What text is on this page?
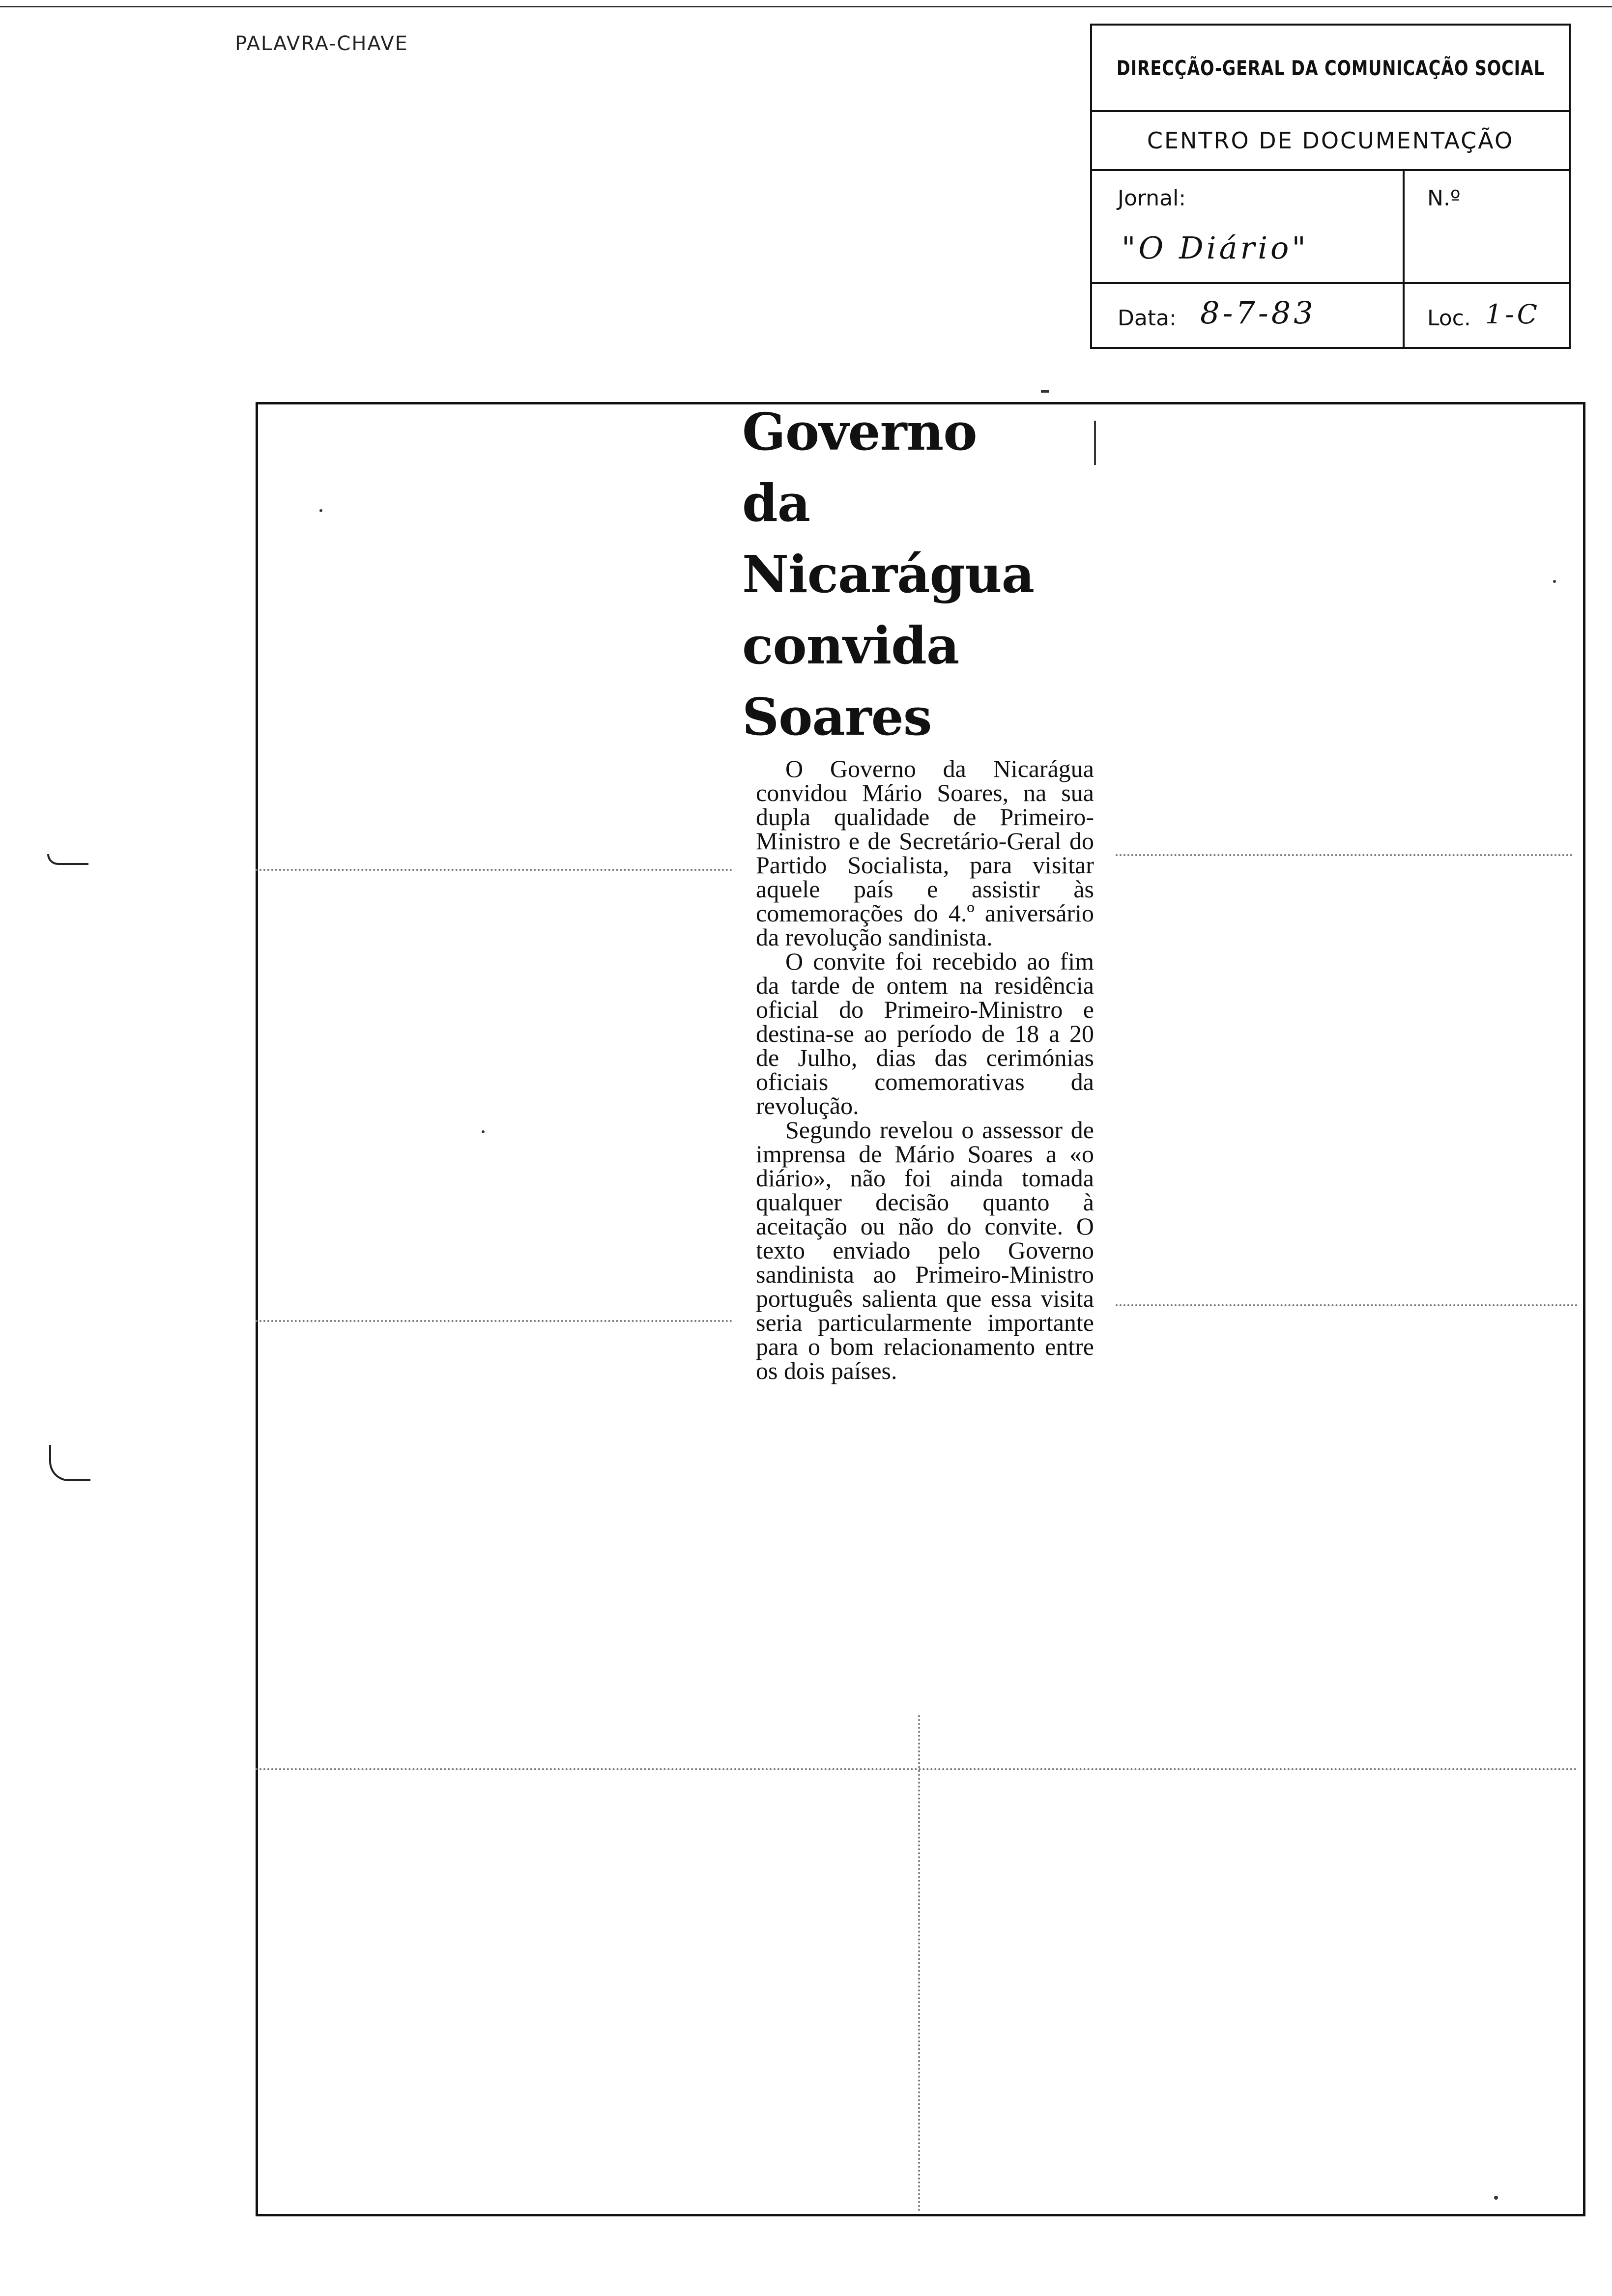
PALAVRA-CHAVE
DIRECÇÃO-GERAL DA COMUNICAÇÃO SOCIAL
CENTRO DE DOCUMENTAÇÃO
Jornal:
"O Diário"
N.º
Data: 8-7-83	Loc. 1-C
Governo
da
Nicarágua
convida
Soares

O Governo da Nicarágua convidou Mário Soares, na sua dupla qualidade de Primeiro-Ministro e de Secretário-Geral do Partido Socialista, para visitar aquele país e assistir às comemorações do 4.º aniversário da revolução sandinista.

O convite foi recebido ao fim da tarde de ontem na residência oficial do Primeiro-Ministro e destina-se ao período de 18 a 20 de Julho, dias das cerimónias oficiais comemorativas da revolução.

Segundo revelou o assessor de imprensa de Mário Soares a «o diário», não foi ainda tomada qualquer decisão quanto à aceitação ou não do convite. O texto enviado pelo Governo sandinista ao Primeiro-Ministro português salienta que essa visita seria particularmente importante para o bom relacionamento entre os dois países.
